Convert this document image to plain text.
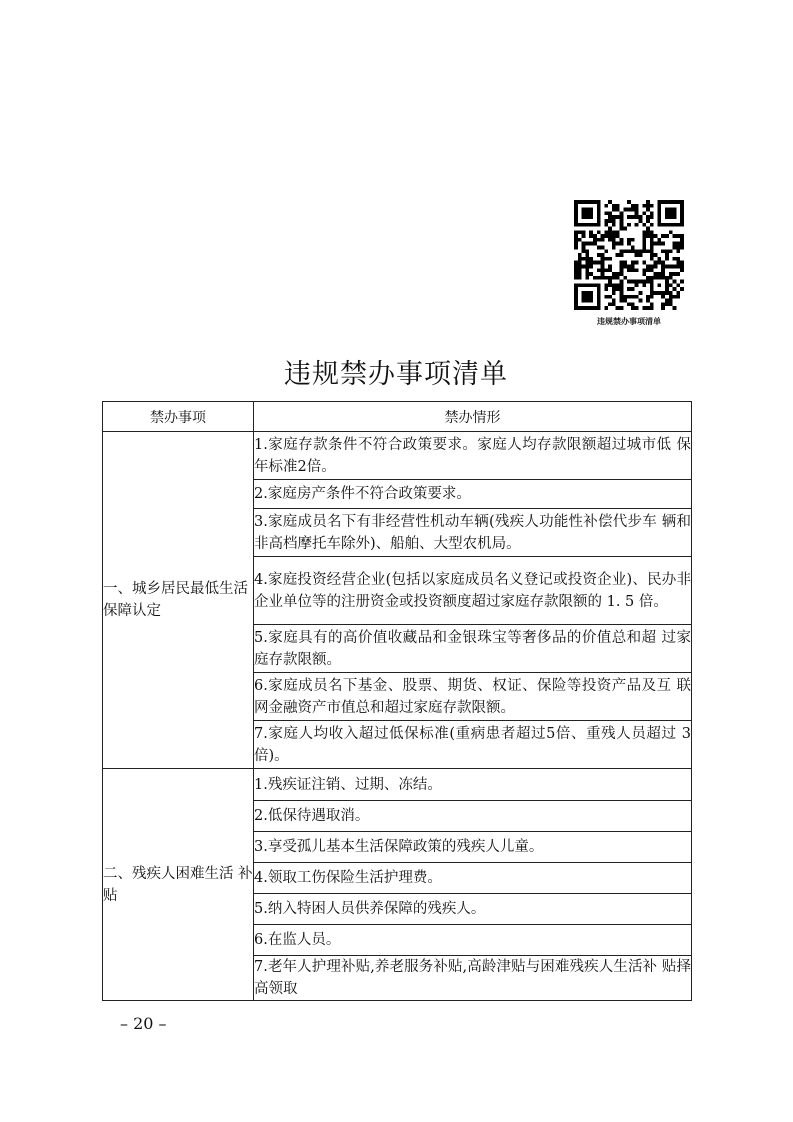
违规禁办事项清单
违规禁办事项清单
禁办事项	禁办情形
一、城乡居民最低生活保障认定	1.家庭存款条件不符合政策要求。家庭人均存款限额超过城市低 保年标准2倍。
	2.家庭房产条件不符合政策要求。
	3.家庭成员名下有非经营性机动车辆(残疾人功能性补偿代步车 辆和非高档摩托车除外)、船舶、大型农机局。
	4.家庭投资经营企业(包括以家庭成员名义登记或投资企业)、民办非企业单位等的注册资金或投资额度超过家庭存款限额的 1. 5 倍。
	5.家庭具有的高价值收藏品和金银珠宝等奢侈品的价值总和超 过家庭存款限额。
	6.家庭成员名下基金、股票、期货、权证、保险等投资产品及互 联网金融资产市值总和超过家庭存款限额。
	7.家庭人均收入超过低保标准(重病患者超过5倍、重残人员超过 3倍)。
二、残疾人困难生活 补贴	1.残疾证注销、过期、冻结。
	2.低保待遇取消。
	3.享受孤儿基本生活保障政策的残疾人儿童。
	4.领取工伤保险生活护理费。
	5.纳入特困人员供养保障的残疾人。
	6.在监人员。
	7.老年人护理补贴,养老服务补贴,高龄津贴与困难残疾人生活补 贴择高领取
– 20 –
